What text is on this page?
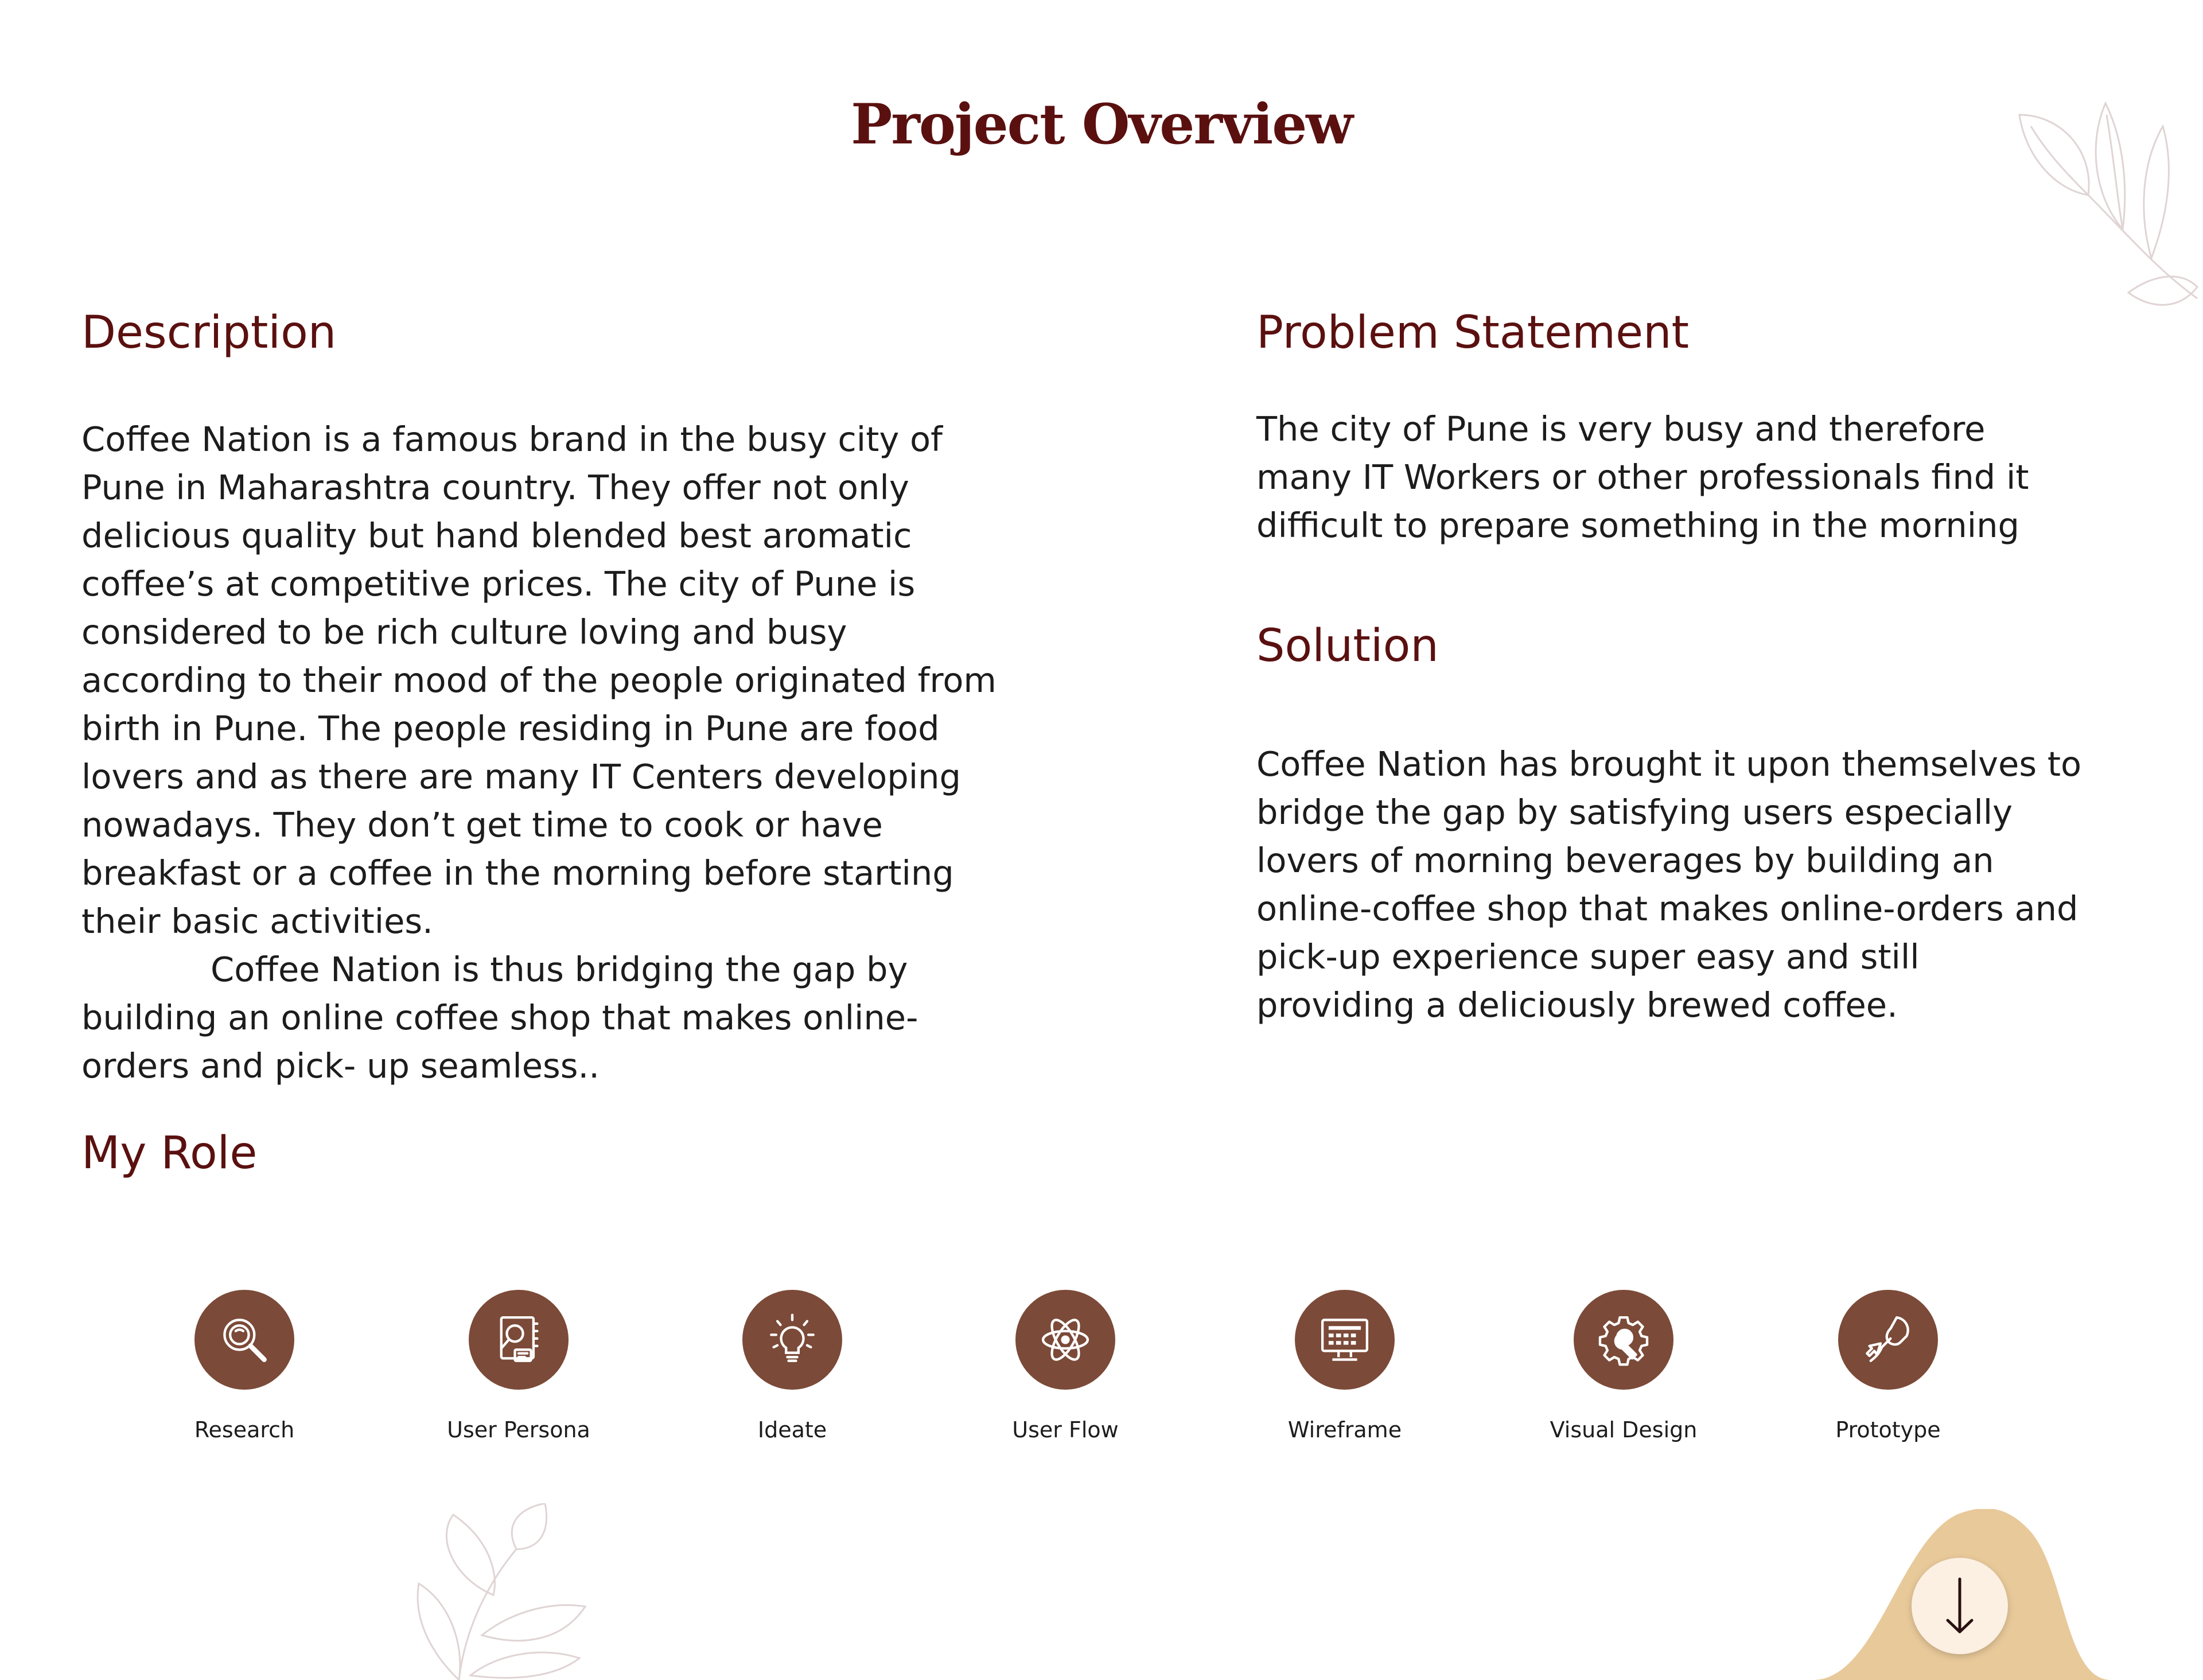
Project Overview
Description

Coffee Nation is a famous brand in the busy city of Pune in Maharashtra country. They offer not only delicious quality but hand blended best aromatic coffee’s at competitive prices. The city of Pune is considered to be rich culture loving and busy according to their mood of the people originated from birth in Pune. The people residing in Pune are food lovers and as there are many IT Centers developing nowadays. They don’t get time to cook or have breakfast or a coffee in the morning before starting their basic activities.

Coffee Nation is thus bridging the gap by building an online coffee shop that makes online- orders and pick- up seamless..

Problem Statement

The city of Pune is very busy and therefore many IT Workers or other professionals find it difficult to prepare something in the morning

Solution

Coffee Nation has brought it upon themselves to bridge the gap by satisfying users especially lovers of morning beverages by building an online-coffee shop that makes online-orders and pick-up experience super easy and still providing a deliciously brewed coffee.

My Role
Research	User Persona	Ideate	User Flow	Wireframe	Visual Design	Prototype
